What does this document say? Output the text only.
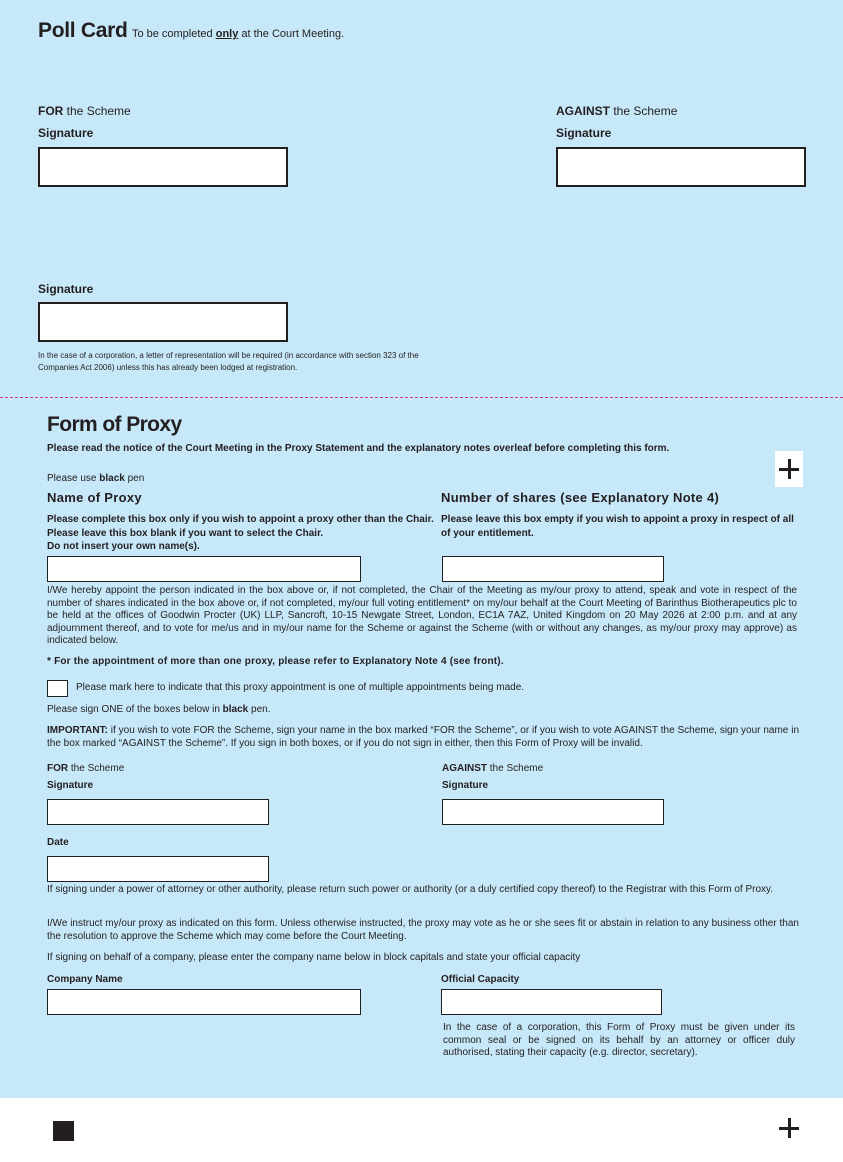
Poll Card To be completed only at the Court Meeting.
FOR the Scheme
Signature
AGAINST the Scheme
Signature
Signature
In the case of a corporation, a letter of representation will be required (in accordance with section 323 of the Companies Act 2006) unless this has already been lodged at registration.
Form of Proxy
Please read the notice of the Court Meeting in the Proxy Statement and the explanatory notes overleaf before completing this form.
Please use black pen
Name of Proxy

Please complete this box only if you wish to appoint a proxy other than the Chair.

Please leave this box blank if you want to select the Chair.

Do not insert your own name(s).

Number of shares (see Explanatory Note 4)
Please leave this box empty if you wish to appoint a proxy in respect of all of your entitlement.
I/We hereby appoint the person indicated in the box above or, if not completed, the Chair of the Meeting as my/our proxy to attend, speak and vote in respect of the number of shares indicated in the box above or, if not completed, my/our full voting entitlement* on my/our behalf at the Court Meeting of Barinthus Biotherapeutics plc to be held at the offices of Goodwin Procter (UK) LLP, Sancroft, 10-15 Newgate Street, London, EC1A 7AZ, United Kingdom on 20 May 2026 at 2:00 p.m. and at any adjournment thereof, and to vote for me/us and in my/our name for the Scheme or against the Scheme (with or without any changes, as my/our proxy may approve) as indicated below.
* For the appointment of more than one proxy, please refer to Explanatory Note 4 (see front).
Please mark here to indicate that this proxy appointment is one of multiple appointments being made.
Please sign ONE of the boxes below in black pen.
IMPORTANT: if you wish to vote FOR the Scheme, sign your name in the box marked “FOR the Scheme”, or if you wish to vote AGAINST the Scheme, sign your name in the box marked “AGAINST the Scheme”. If you sign in both boxes, or if you do not sign in either, then this Form of Proxy will be invalid.
FOR the Scheme
Signature
AGAINST the Scheme
Signature
Date
If signing under a power of attorney or other authority, please return such power or authority (or a duly certified copy thereof) to the Registrar with this Form of Proxy.
I/We instruct my/our proxy as indicated on this form. Unless otherwise instructed, the proxy may vote as he or she sees fit or abstain in relation to any business other than the resolution to approve the Scheme which may come before the Court Meeting.
If signing on behalf of a company, please enter the company name below in block capitals and state your official capacity
Company Name	Official Capacity
In the case of a corporation, this Form of Proxy must be given under its common seal or be signed on its behalf by an attorney or officer duly authorised, stating their capacity (e.g. director, secretary).
